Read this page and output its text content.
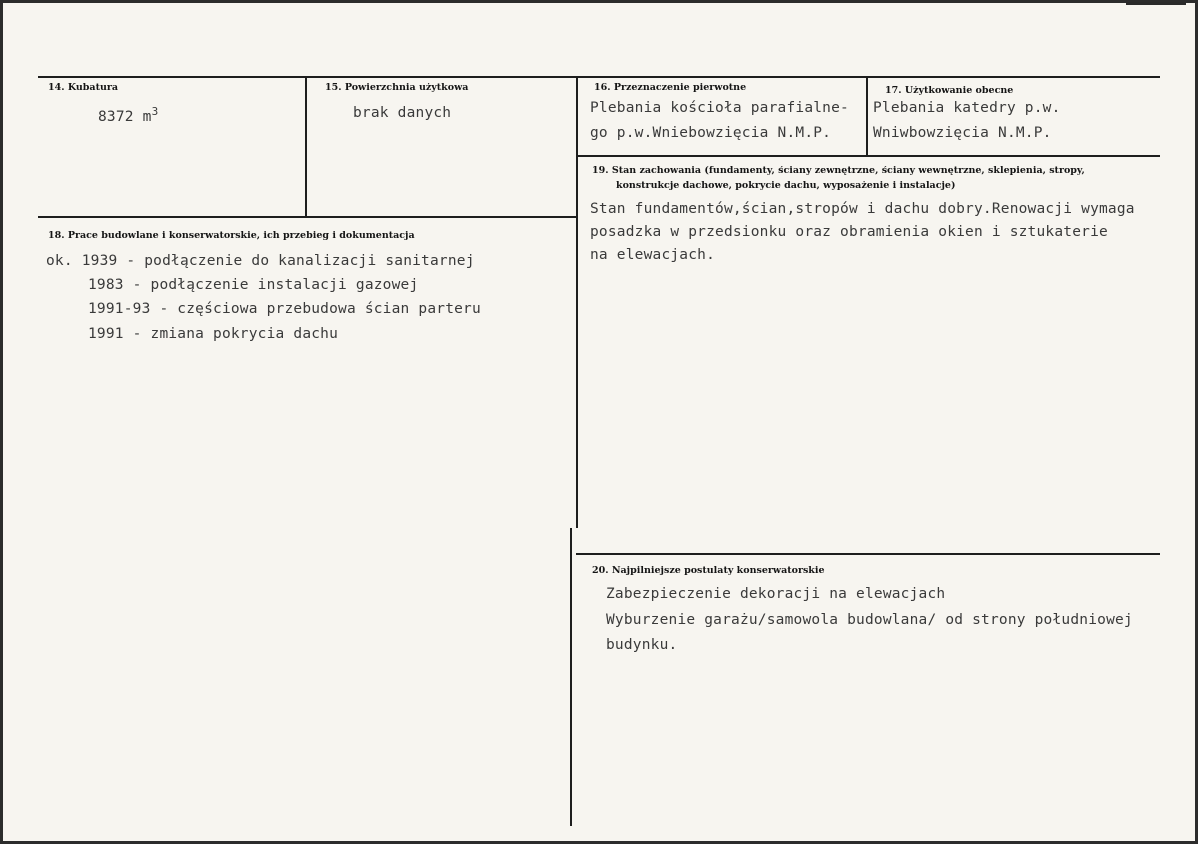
14. Kubatura
8372 $m^3$
15. Powierzchnia użytkowa
brak danych
16. Przeznaczenie pierwotne
Plebania kościoła parafialne-
go p.w.Wniebowzięcia N.M.P.
17. Użytkowanie obecne
Plebania katedry p.w.
Wniwbowzięcia N.M.P.
19. Stan zachowania (fundamenty, ściany zewnętrzne, ściany wewnętrzne, sklepienia, stropy,
konstrukcje dachowe, pokrycie dachu, wyposażenie i instalacje)
Stan fundamentów,ścian,stropów i dachu dobry.Renowacji wymaga
posadzka w przedsionku oraz obramienia okien i sztukaterie
na elewacjach.
18. Prace budowlane i konserwatorskie, ich przebieg i dokumentacja
ok. 1939 - podłączenie do kanalizacji sanitarnej
1983 - podłączenie instalacji gazowej
1991-93 - częściowa przebudowa ścian parteru
1991 - zmiana pokrycia dachu
20. Najpilniejsze postulaty konserwatorskie
Zabezpieczenie dekoracji na elewacjach
Wyburzenie garażu/samowola budowlana/ od strony południowej
budynku.
